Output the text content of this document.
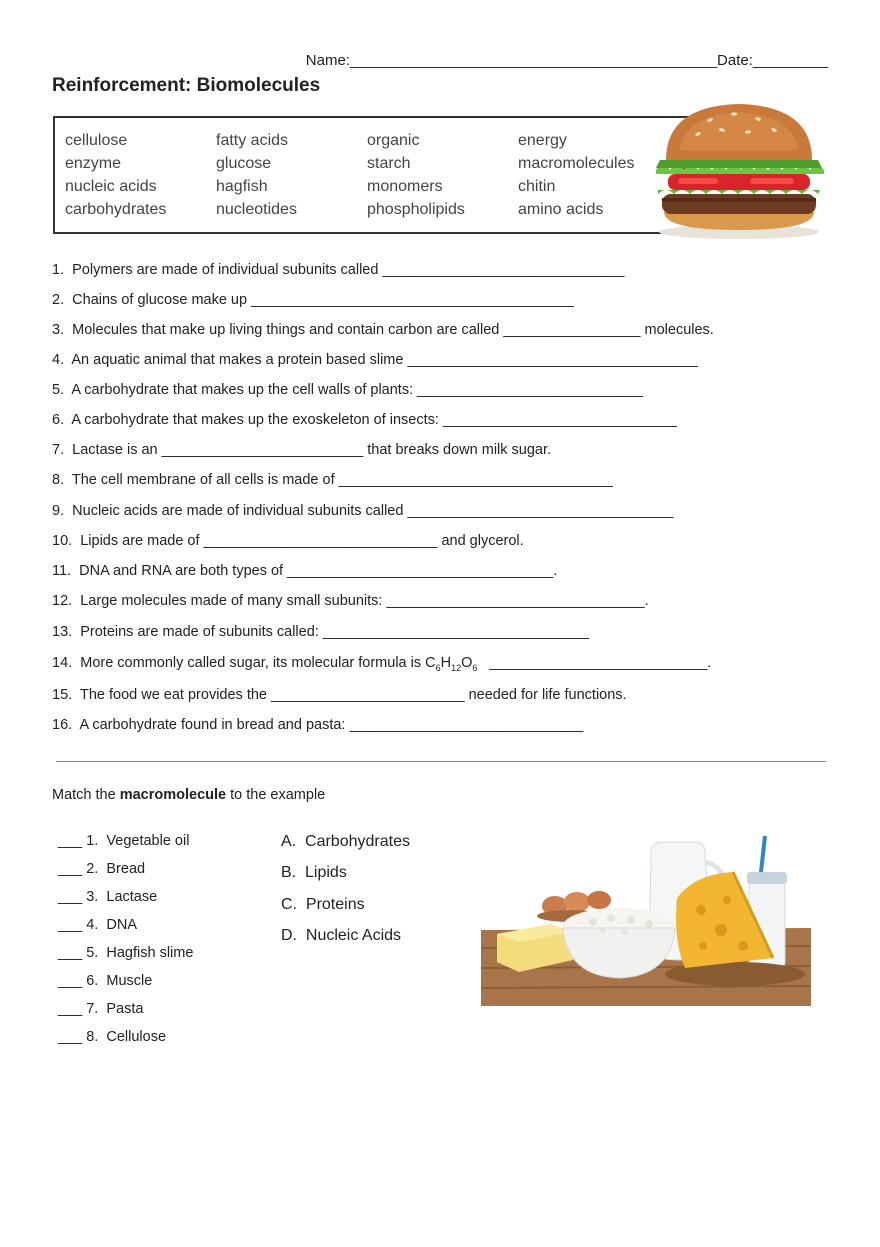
Name:____________________________________________Date:_________
Reinforcement: Biomolecules
cellulose
enzyme
nucleic acids
carbohydrates
fatty acids
glucose
hagfish
nucleotides
organic
starch
monomers
phospholipids
energy
macromolecules
chitin
amino acids
1. Polymers are made of individual subunits called ______________________________
2. Chains of glucose make up ________________________________________
3. Molecules that make up living things and contain carbon are called _________________ molecules.
4. An aquatic animal that makes a protein based slime ____________________________________
5. A carbohydrate that makes up the cell walls of plants: ____________________________
6. A carbohydrate that makes up the exoskeleton of insects: _____________________________
7. Lactase is an _________________________ that breaks down milk sugar.
8. The cell membrane of all cells is made of __________________________________
9. Nucleic acids are made of individual subunits called _________________________________
10. Lipids are made of _____________________________ and glycerol.
11. DNA and RNA are both types of _________________________________.
12. Large molecules made of many small subunits: ________________________________.
13. Proteins are made of subunits called: _________________________________
14. More commonly called sugar, its molecular formula is $C_6H_{12}O_6$ ___________________________.
15. The food we eat provides the ________________________ needed for life functions.
16. A carbohydrate found in bread and pasta: _____________________________
Match the macromolecule to the example
___ 1. Vegetable oil
___ 2. Bread
___ 3. Lactase
___ 4. DNA
___ 5. Hagfish slime
___ 6. Muscle
___ 7. Pasta
___ 8. Cellulose
A. Carbohydrates
B. Lipids
C. Proteins
D. Nucleic Acids
